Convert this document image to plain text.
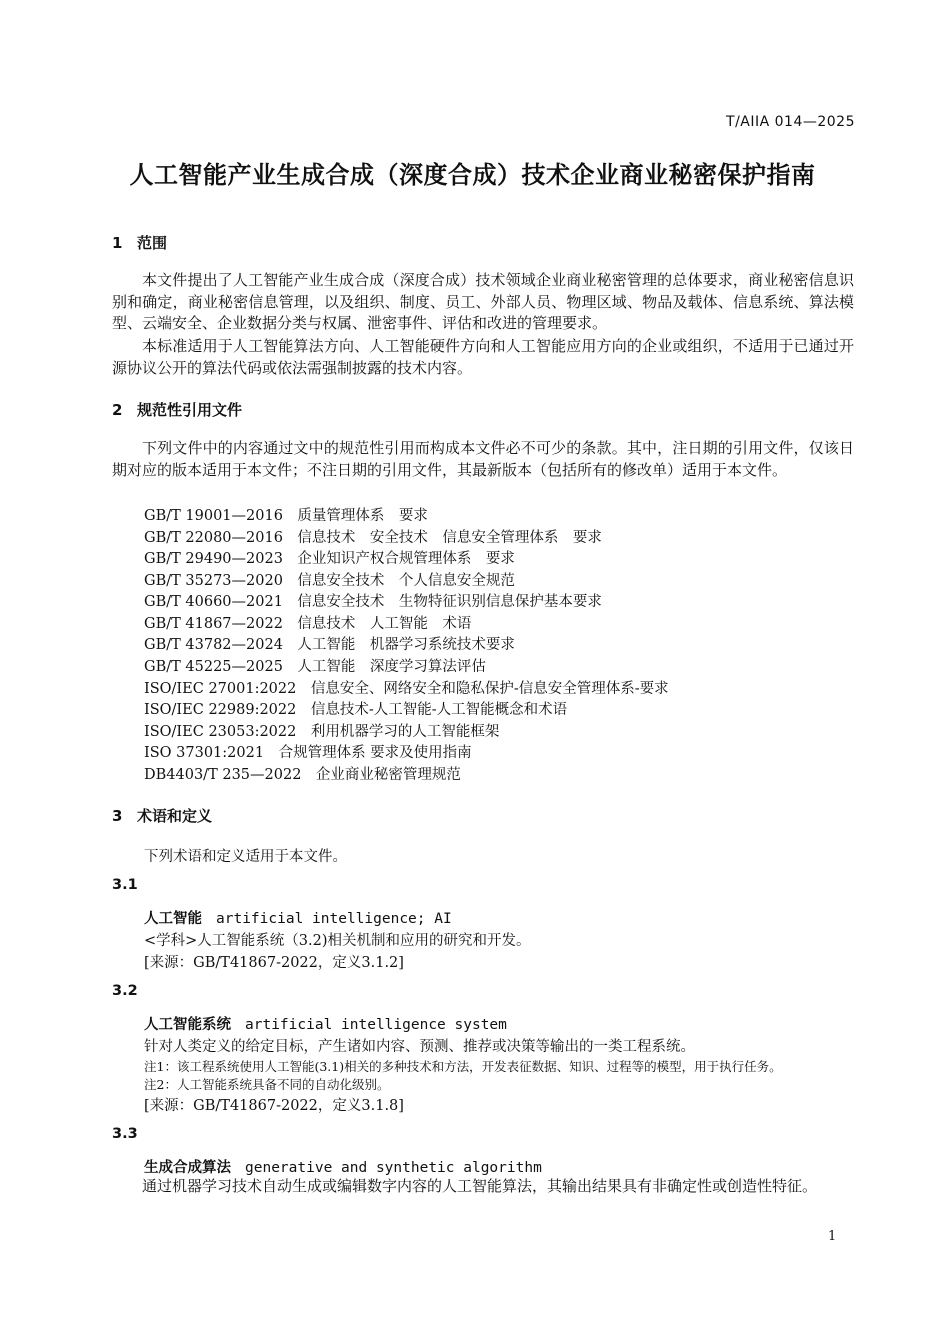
T/AIIA 014—2025
人工智能产业生成合成（深度合成）技术企业商业秘密保护指南
1 范围
本文件提出了人工智能产业生成合成（深度合成）技术领域企业商业秘密管理的总体要求，商业秘密信息识别和确定，商业秘密信息管理，以及组织、制度、员工、外部人员、物理区域、物品及载体、信息系统、算法模型、云端安全、企业数据分类与权属、泄密事件、评估和改进的管理要求。
本标准适用于人工智能算法方向、人工智能硬件方向和人工智能应用方向的企业或组织，不适用于已通过开源协议公开的算法代码或依法需强制披露的技术内容。
2 规范性引用文件
下列文件中的内容通过文中的规范性引用而构成本文件必不可少的条款。其中，注日期的引用文件，仅该日期对应的版本适用于本文件；不注日期的引用文件，其最新版本（包括所有的修改单）适用于本文件。
GB/T 19001—2016　质量管理体系　要求
GB/T 22080—2016　信息技术　安全技术　信息安全管理体系　要求
GB/T 29490—2023　企业知识产权合规管理体系　要求
GB/T 35273—2020　信息安全技术　个人信息安全规范
GB/T 40660—2021　信息安全技术　生物特征识别信息保护基本要求
GB/T 41867—2022　信息技术　人工智能　术语
GB/T 43782—2024　人工智能　机器学习系统技术要求
GB/T 45225—2025　人工智能　深度学习算法评估
ISO/IEC 27001:2022　信息安全、网络安全和隐私保护-信息安全管理体系-要求
ISO/IEC 22989:2022　信息技术-人工智能-人工智能概念和术语
ISO/IEC 23053:2022　利用机器学习的人工智能框架
ISO 37301:2021　合规管理体系 要求及使用指南
DB4403/T 235—2022　企业商业秘密管理规范
3 术语和定义
下列术语和定义适用于本文件。
3.1
人工智能 artificial intelligence; AI
<学科>人工智能系统（3.2)相关机制和应用的研究和开发。
[来源：GB/T41867-2022，定义3.1.2]
3.2
人工智能系统 artificial intelligence system
针对人类定义的给定目标，产生诸如内容、预测、推荐或决策等输出的一类工程系统。
注1：该工程系统使用人工智能(3.1)相关的多种技术和方法，开发表征数据、知识、过程等的模型，用于执行任务。
注2：人工智能系统具备不同的自动化级别。
[来源：GB/T41867-2022，定义3.1.8]
3.3
生成合成算法 generative and synthetic algorithm
通过机器学习技术自动生成或编辑数字内容的人工智能算法，其输出结果具有非确定性或创造性特征。
1
